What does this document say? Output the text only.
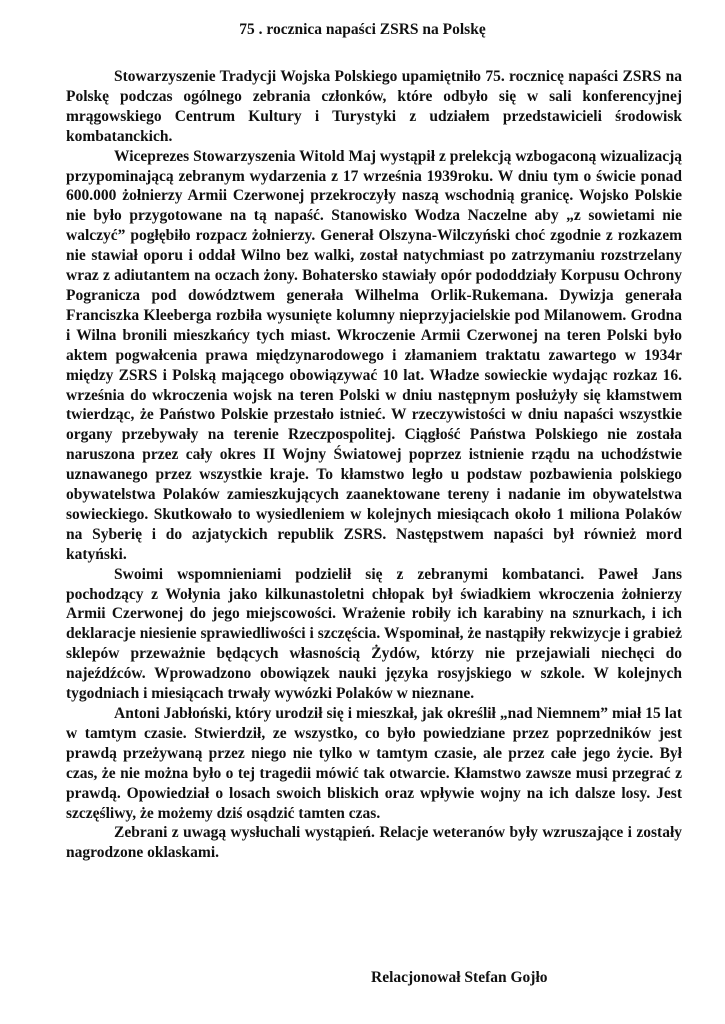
75 . rocznica napaści ZSRS na Polskę

Stowarzyszenie Tradycji Wojska Polskiego upamiętniło 75. rocznicę napaści ZSRS na Polskę podczas ogólnego zebrania członków, które odbyło się w sali konferencyjnej mrągowskiego Centrum Kultury i Turystyki z udziałem przedstawicieli środowisk kombatanckich.

Wiceprezes Stowarzyszenia Witold Maj wystąpił z prelekcją wzbogaconą wizualizacją przypominającą zebranym wydarzenia z 17 września 1939roku. W dniu tym o świcie ponad 600.000 żołnierzy Armii Czerwonej przekroczyły naszą wschodnią granicę. Wojsko Polskie nie było przygotowane na tą napaść. Stanowisko Wodza Naczelne aby „z sowietami nie walczyć” pogłębiło rozpacz żołnierzy. Generał Olszyna-Wilczyński choć zgodnie z rozkazem nie stawiał oporu i oddał Wilno bez walki, został natychmiast po zatrzymaniu rozstrzelany wraz z adiutantem na oczach żony. Bohatersko stawiały opór pododdziały Korpusu Ochrony Pogranicza pod dowództwem generała Wilhelma Orlik-Rukemana. Dywizja generała Franciszka Kleeberga rozbiła wysunięte kolumny nieprzyjacielskie pod Milanowem. Grodna i Wilna bronili mieszkańcy tych miast. Wkroczenie Armii Czerwonej na teren Polski było aktem pogwałcenia prawa międzynarodowego i złamaniem traktatu zawartego w 1934r między ZSRS i Polską mającego obowiązywać 10 lat. Władze sowieckie wydając rozkaz 16. września do wkroczenia wojsk na teren Polski w dniu następnym posłużyły się kłamstwem twierdząc, że Państwo Polskie przestało istnieć. W rzeczywistości w dniu napaści wszystkie organy przebywały na terenie Rzeczpospolitej. Ciągłość Państwa Polskiego nie została naruszona przez cały okres II Wojny Światowej poprzez istnienie rządu na uchodźstwie uznawanego przez wszystkie kraje. To kłamstwo legło u podstaw pozbawienia polskiego obywatelstwa Polaków zamieszkujących zaanektowane tereny i nadanie im obywatelstwa sowieckiego. Skutkowało to wysiedleniem w kolejnych miesiącach około 1 miliona Polaków na Syberię i do azjatyckich republik ZSRS. Następstwem napaści był również mord katyński.

Swoimi wspomnieniami podzielił się z zebranymi kombatanci. Paweł Jans pochodzący z Wołynia jako kilkunastoletni chłopak był świadkiem wkroczenia żołnierzy Armii Czerwonej do jego miejscowości. Wrażenie robiły ich karabiny na sznurkach, i ich deklaracje niesienie sprawiedliwości i szczęścia. Wspominał, że nastąpiły rekwizycje i grabież sklepów przeważnie będących własnością Żydów, którzy nie przejawiali niechęci do najeźdźców. Wprowadzono obowiązek nauki języka rosyjskiego w szkole. W kolejnych tygodniach i miesiącach trwały wywózki Polaków w nieznane.

Antoni Jabłoński, który urodził się i mieszkał, jak określił „nad Niemnem” miał 15 lat w tamtym czasie. Stwierdził, ze wszystko, co było powiedziane przez poprzedników jest prawdą przeżywaną przez niego nie tylko w tamtym czasie, ale przez całe jego życie. Był czas, że nie można było o tej tragedii mówić tak otwarcie. Kłamstwo zawsze musi przegrać z prawdą. Opowiedział o losach swoich bliskich oraz wpływie wojny na ich dalsze losy. Jest szczęśliwy, że możemy dziś osądzić tamten czas.

Zebrani z uwagą wysłuchali wystąpień. Relacje weteranów były wzruszające i zostały nagrodzone oklaskami.

Relacjonował Stefan Gojło
